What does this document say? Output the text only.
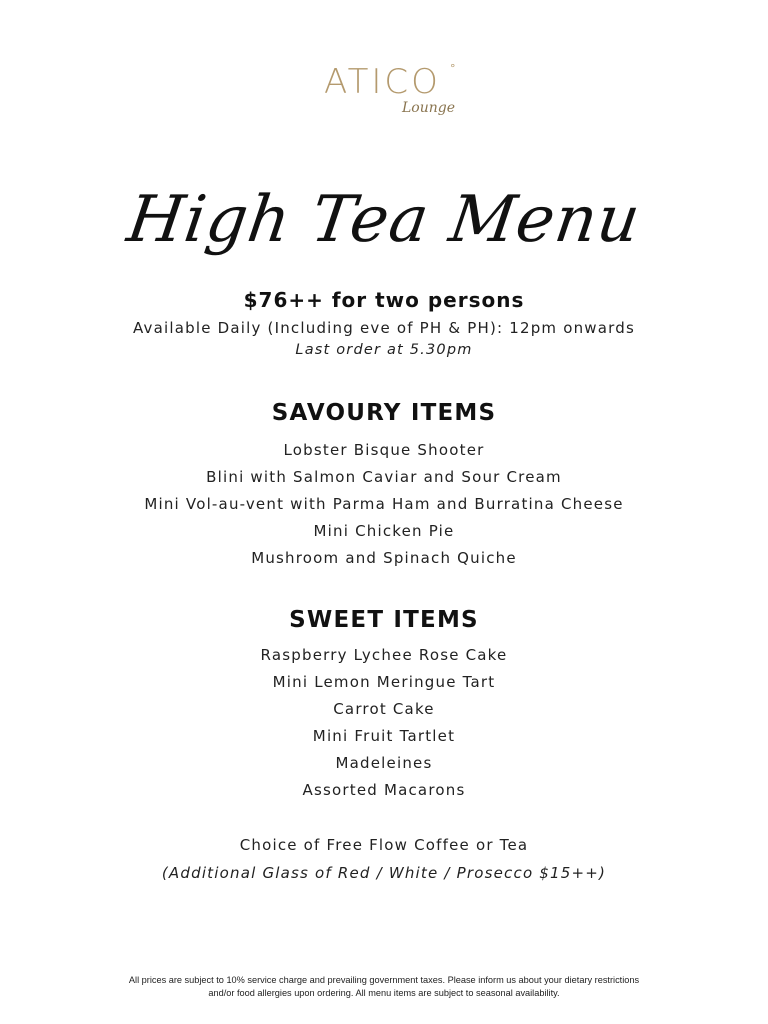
ATICO °
Lounge
High Tea Menu
$76++ for two persons
Available Daily (Including eve of PH & PH): 12pm onwards
Last order at 5.30pm
SAVOURY ITEMS
Lobster Bisque Shooter
Blini with Salmon Caviar and Sour Cream
Mini Vol-au-vent with Parma Ham and Burratina Cheese
Mini Chicken Pie
Mushroom and Spinach Quiche
SWEET ITEMS
Raspberry Lychee Rose Cake
Mini Lemon Meringue Tart
Carrot Cake
Mini Fruit Tartlet
Madeleines
Assorted Macarons
Choice of Free Flow Coffee or Tea
(Additional Glass of Red / White / Prosecco $15++)
All prices are subject to 10% service charge and prevailing government taxes. Please inform us about your dietary restrictions
and/or food allergies upon ordering. All menu items are subject to seasonal availability.
